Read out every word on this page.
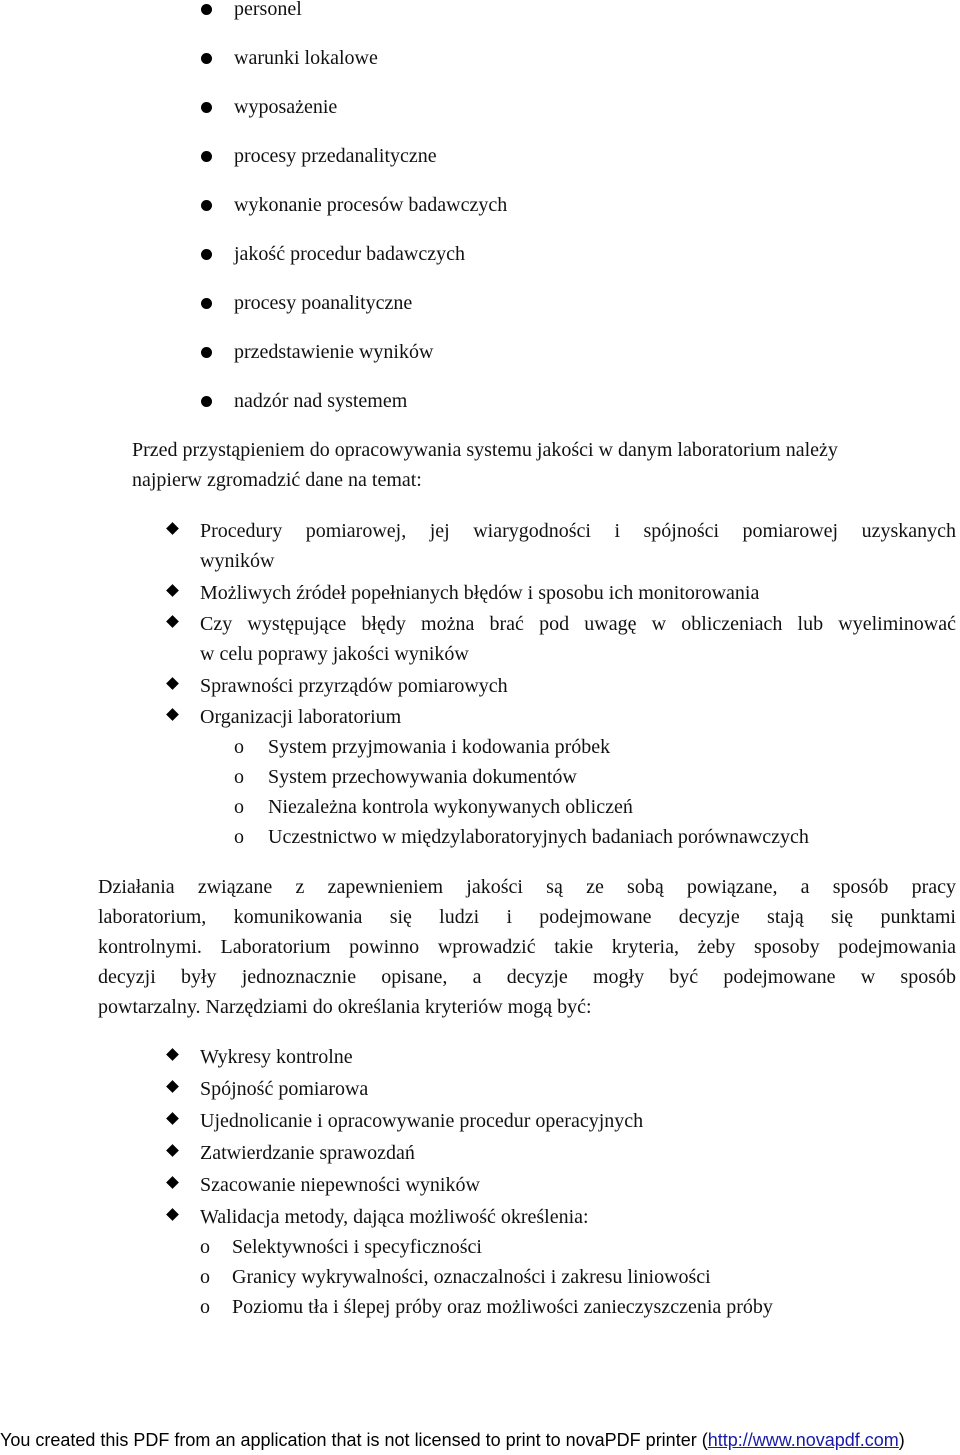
personel
warunki lokalowe
wyposażenie
procesy przedanalityczne
wykonanie procesów badawczych
jakość procedur badawczych
procesy poanalityczne
przedstawienie wyników
nadzór nad systemem
Przed przystąpieniem do opracowywania systemu jakości w danym laboratorium należy
najpierw zgromadzić dane na temat:
Procedury pomiarowej, jej wiarygodności i spójności pomiarowej uzyskanych
wyników
Możliwych źródeł popełnianych błędów i sposobu ich monitorowania
Czy występujące błędy można brać pod uwagę w obliczeniach lub wyeliminować
w celu poprawy jakości wyników
Sprawności przyrządów pomiarowych
Organizacji laboratorium
o System przyjmowania i kodowania próbek
o System przechowywania dokumentów
o Niezależna kontrola wykonywanych obliczeń
o Uczestnictwo w międzylaboratoryjnych badaniach porównawczych
Działania związane z zapewnieniem jakości są ze sobą powiązane, a sposób pracy
laboratorium, komunikowania się ludzi i podejmowane decyzje stają się punktami
kontrolnymi. Laboratorium powinno wprowadzić takie kryteria, żeby sposoby podejmowania
decyzji były jednoznacznie opisane, a decyzje mogły być podejmowane w sposób
powtarzalny. Narzędziami do określania kryteriów mogą być:
Wykresy kontrolne
Spójność pomiarowa
Ujednolicanie i opracowywanie procedur operacyjnych
Zatwierdzanie sprawozdań
Szacowanie niepewności wyników
Walidacja metody, dająca możliwość określenia:
o Selektywności i specyficzności
o Granicy wykrywalności, oznaczalności i zakresu liniowości
o Poziomu tła i ślepej próby oraz możliwości zanieczyszczenia próby
You created this PDF from an application that is not licensed to print to novaPDF printer (http://www.novapdf.com)
